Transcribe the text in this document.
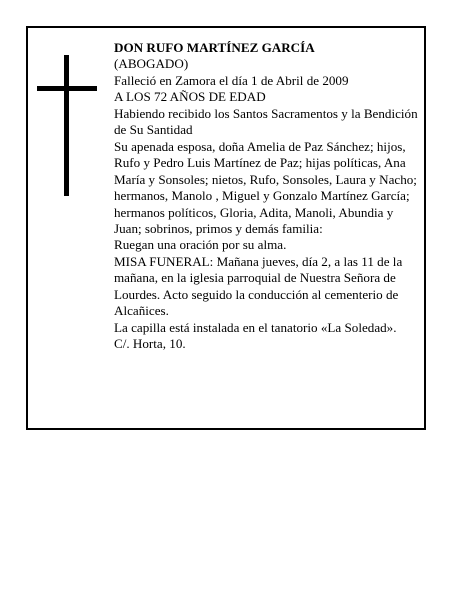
DON RUFO MARTÍNEZ GARCÍA

(ABOGADO)

Falleció en Zamora el día 1 de Abril de 2009

A LOS 72 AÑOS DE EDAD

Habiendo recibido los Santos Sacramentos y la Bendición de Su Santidad

Su apenada esposa, doña Amelia de Paz Sánchez; hijos, Rufo y Pedro Luis Martínez de Paz; hijas políticas, Ana María y Sonsoles; nietos, Rufo, Sonsoles, Laura y Nacho; hermanos, Manolo , Miguel y Gonzalo Martínez García; hermanos políticos, Gloria, Adita, Manoli, Abundia y Juan; sobrinos, primos y demás familia:

Ruegan una oración por su alma.

MISA FUNERAL: Mañana jueves, día 2, a las 11 de la mañana, en la iglesia parroquial de Nuestra Señora de Lourdes. Acto seguido la conducción al cementerio de Alcañices.

La capilla está instalada en el tanatorio «La Soledad».

C/. Horta, 10.
